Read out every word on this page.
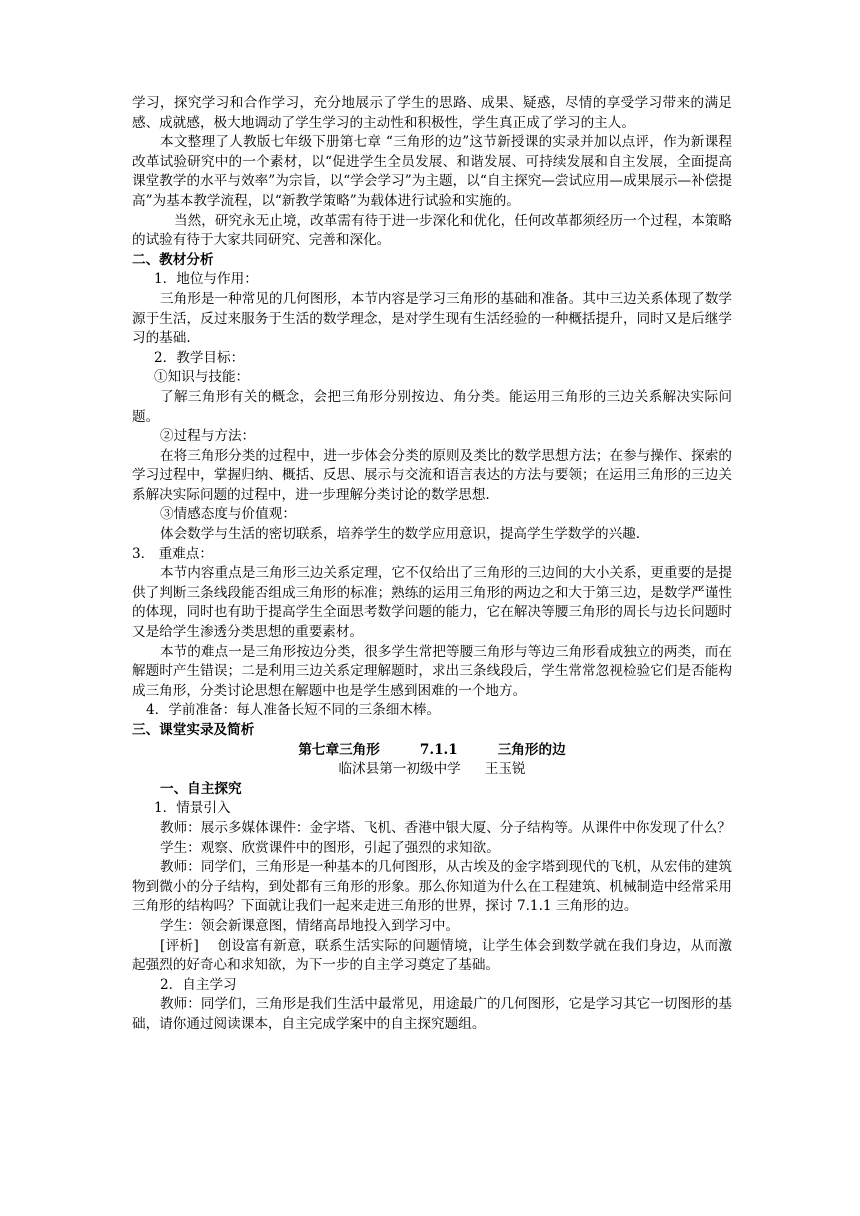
学习，探究学习和合作学习，充分地展示了学生的思路、成果、疑惑，尽情的享受学习带来的满足感、成就感，极大地调动了学生学习的主动性和积极性，学生真正成了学习的主人。

本文整理了人教版七年级下册第七章 “三角形的边”这节新授课的实录并加以点评，作为新课程改革试验研究中的一个素材，以“促进学生全员发展、和谐发展、可持续发展和自主发展，全面提高课堂教学的水平与效率”为宗旨，以“学会学习”为主题，以“自主探究—尝试应用—成果展示—补偿提高”为基本教学流程，以“新教学策略”为载体进行试验和实施的。

当然，研究永无止境，改革需有待于进一步深化和优化，任何改革都须经历一个过程，本策略的试验有待于大家共同研究、完善和深化。

二、教材分析

1．地位与作用：

三角形是一种常见的几何图形，本节内容是学习三角形的基础和准备。其中三边关系体现了数学源于生活，反过来服务于生活的数学理念，是对学生现有生活经验的一种概括提升，同时又是后继学习的基础.

2．教学目标：

①知识与技能：

了解三角形有关的概念，会把三角形分别按边、角分类。能运用三角形的三边关系解决实际问题。

②过程与方法：

在将三角形分类的过程中，进一步体会分类的原则及类比的数学思想方法；在参与操作、探索的学习过程中，掌握归纳、概括、反思、展示与交流和语言表达的方法与要领；在运用三角形的三边关系解决实际问题的过程中，进一步理解分类讨论的数学思想.

③情感态度与价值观：

体会数学与生活的密切联系，培养学生的数学应用意识，提高学生学数学的兴趣.

3． 重难点：

本节内容重点是三角形三边关系定理，它不仅给出了三角形的三边间的大小关系，更重要的是提供了判断三条线段能否组成三角形的标准；熟练的运用三角形的两边之和大于第三边，是数学严谨性的体现，同时也有助于提高学生全面思考数学问题的能力，它在解决等腰三角形的周长与边长问题时又是给学生渗透分类思想的重要素材。

本节的难点一是三角形按边分类，很多学生常把等腰三角形与等边三角形看成独立的两类，而在解题时产生错误；二是利用三边关系定理解题时，求出三条线段后，学生常常忽视检验它们是否能构成三角形，分类讨论思想在解题中也是学生感到困难的一个地方。

4．学前准备：每人准备长短不同的三条细木棒。

三、课堂实录及简析

第七章三角形	7.1.1	三角形的边

临沭县第一初级中学 王玉锐

一、自主探究

1．情景引入

教师：展示多媒体课件：金字塔、飞机、香港中银大厦、分子结构等。从课件中你发现了什么？

学生：观察、欣赏课件中的图形，引起了强烈的求知欲。

教师：同学们，三角形是一种基本的几何图形，从古埃及的金字塔到现代的飞机，从宏伟的建筑物到微小的分子结构，到处都有三角形的形象。那么你知道为什么在工程建筑、机械制造中经常采用三角形的结构吗？下面就让我们一起来走进三角形的世界，探讨 7.1.1 三角形的边。

学生：领会新课意图，情绪高昂地投入到学习中。

[评析]　 创设富有新意，联系生活实际的问题情境，让学生体会到数学就在我们身边，从而激起强烈的好奇心和求知欲，为下一步的自主学习奠定了基础。

2．自主学习

教师：同学们，三角形是我们生活中最常见，用途最广的几何图形，它是学习其它一切图形的基础，请你通过阅读课本，自主完成学案中的自主探究题组。
